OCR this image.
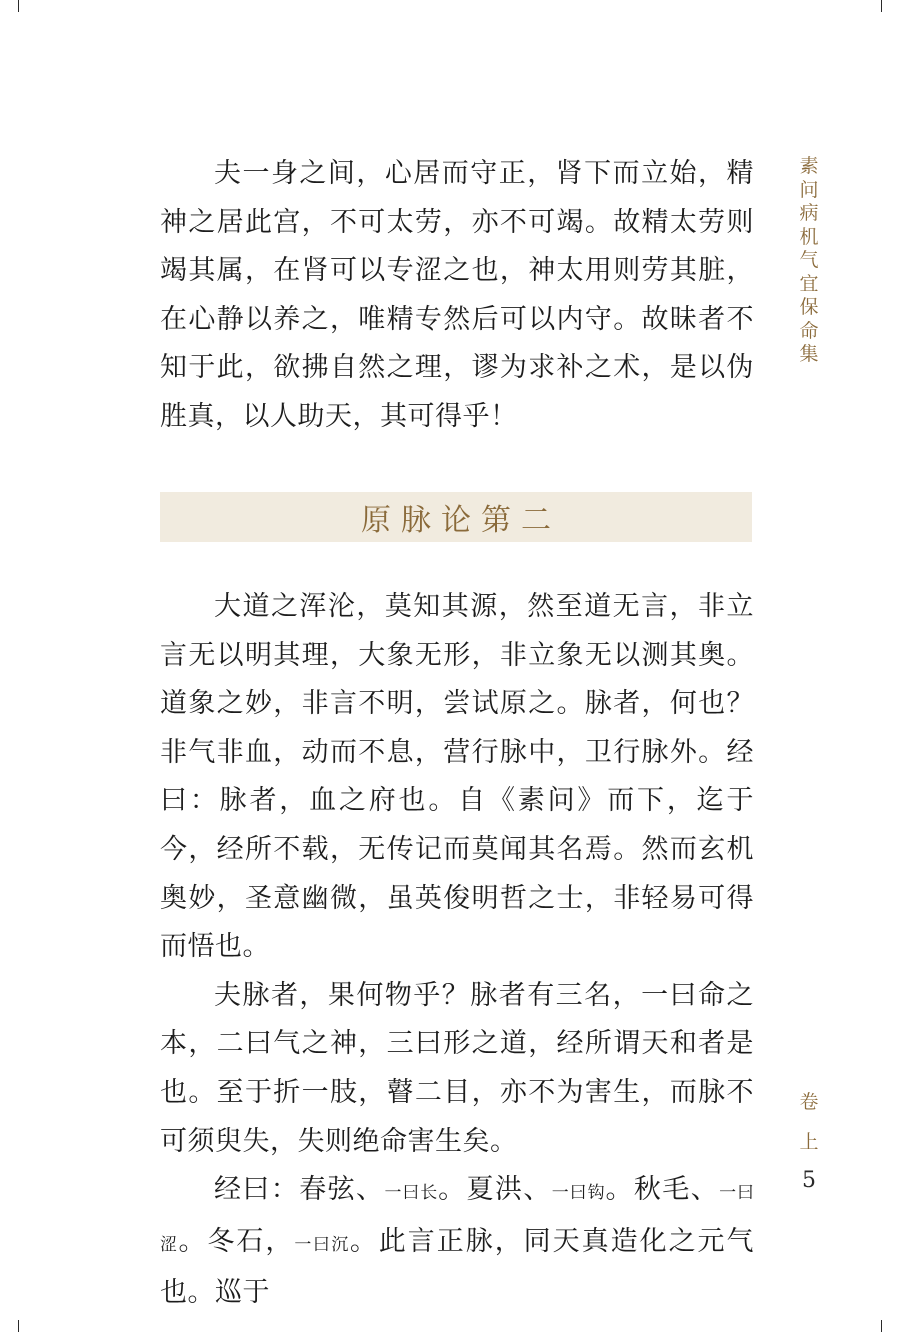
夫一身之间，心居而守正，肾下而立始，精神之居此宫，不可太劳，亦不可竭。故精太劳则竭其属，在肾可以专涩之也，神太用则劳其脏，在心静以养之，唯精专然后可以内守。故昧者不知于此，欲拂自然之理，谬为求补之术，是以伪胜真，以人助天，其可得乎！

原脉论第二

大道之浑沦，莫知其源，然至道无言，非立言无以明其理，大象无形，非立象无以测其奥。道象之妙，非言不明，尝试原之。脉者，何也？非气非血，动而不息，营行脉中，卫行脉外。经曰：脉者，血之府也。自《素问》而下，迄于今，经所不载，无传记而莫闻其名焉。然而玄机奥妙，圣意幽微，虽英俊明哲之士，非轻易可得而悟也。

夫脉者，果何物乎？脉者有三名，一曰命之本，二曰气之神，三曰形之道，经所谓天和者是也。至于折一肢，瞽二目，亦不为害生，而脉不可须臾失，失则绝命害生矣。

经曰：春弦、一曰长。夏洪、一曰钩。秋毛、一曰涩。冬石，一曰沉。此言正脉，同天真造化之元气也。巡于

素
问
病
机
气
宜
保
命
集
卷
上
5
